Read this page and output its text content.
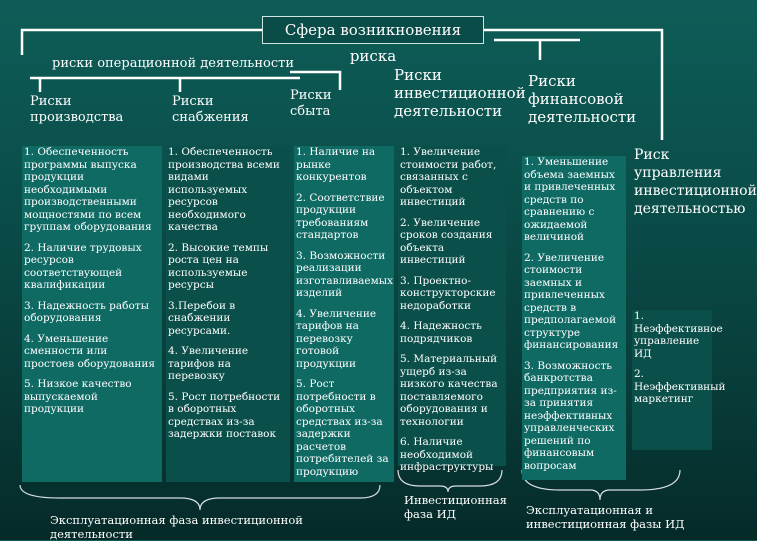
Сфера возникновения риска
риски операционной деятельности
Риски производства
Риски снабжения
Риски сбыта
Риски инвестиционной деятельности
Риски финансовой деятельности
Риск управления инвестиционной деятельностью

1. Обеспеченность программы выпуска продукции необходимыми производственными мощностями по всем группам оборудования

2. Наличие трудовых ресурсов соответствующей квалификации

3. Надежность работы оборудования

4. Уменьшение сменности или простоев оборудования

5. Низкое качество выпускаемой продукции

1. Обеспеченность производства всеми видами используемых ресурсов необходимого качества

2. Высокие темпы роста цен на используемые ресурсы

3.Перебои в снабжении ресурсами.

4. Увеличение тарифов на перевозку

5. Рост потребности в оборотных средствах из-за задержки поставок

1. Наличие на рынке конкурентов

2. Соответствие продукции требованиям стандартов

3. Возможности реализации изготавливаемых изделий

4. Увеличение тарифов на перевозку готовой продукции

5. Рост потребности в оборотных средствах из-за задержки расчетов потребителей за продукцию

1. Увеличение стоимости работ, связанных с объектом инвестиций

2. Увеличение сроков создания объекта инвестиций

3. Проектно-конструкторские недоработки

4. Надежность подрядчиков

5. Материальный ущерб из-за низкого качества поставляемого оборудования и технологии

6. Наличие необходимой инфраструктуры

1. Уменьшение объема заемных и привлеченных средств по сравнению с ожидаемой величиной

2. Увеличение стоимости заемных и привлеченных средств в предполагаемой структуре финансирования

3. Возможность банкротства предприятия из-за принятия неэффективных управленческих решений по финансовым вопросам

1. Неэффективное управление ИД

2. Неэффективный маркетинг

Эксплуатационная фаза инвестиционной деятельности
Инвестиционная фаза ИД	Эксплуатационная и инвестиционная фазы ИД
